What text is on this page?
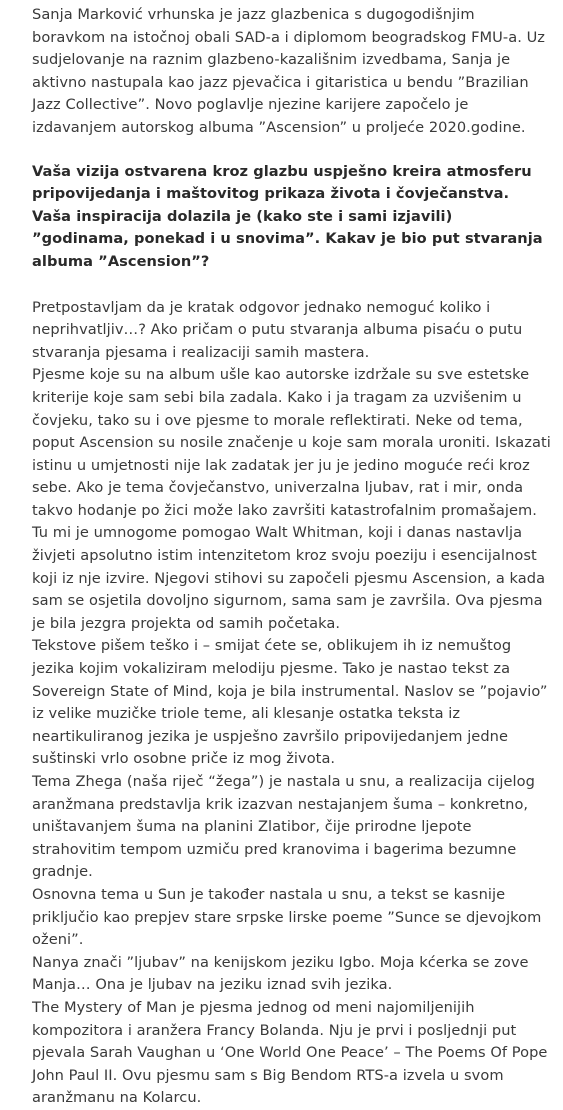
Sanja Marković vrhunska je jazz glazbenica s dugogodišnjim boravkom na istočnoj obali SAD-a i diplomom beogradskog FMU-a. Uz sudjelovanje na raznim glazbeno-kazališnim izvedbama, Sanja je aktivno nastupala kao jazz pjevačica i gitaristica u bendu ”Brazilian Jazz Collective”. Novo poglavlje njezine karijere započelo je izdavanjem autorskog albuma ”Ascension” u proljeće 2020.godine.

Vaša vizija ostvarena kroz glazbu uspješno kreira atmosferu pripovijedanja i maštovitog prikaza života i čovječanstva. Vaša inspiracija dolazila je (kako ste i sami izjavili) ”godinama, ponekad i u snovima”. Kakav je bio put stvaranja albuma ”Ascension”?

Pretpostavljam da je kratak odgovor jednako nemoguć koliko i neprihvatljiv…? Ako pričam o putu stvaranja albuma pisaću o putu stvaranja pjesama i realizaciji samih mastera.

Pjesme koje su na album ušle kao autorske izdržale su sve estetske kriterije koje sam sebi bila zadala. Kako i ja tragam za uzvišenim u čovjeku, tako su i ove pjesme to morale reflektirati. Neke od tema, poput Ascension su nosile značenje u koje sam morala uroniti. Iskazati istinu u umjetnosti nije lak zadatak jer ju je jedino moguće reći kroz sebe. Ako je tema čovječanstvo, univerzalna ljubav, rat i mir, onda takvo hodanje po žici može lako završiti katastrofalnim promašajem. Tu mi je umnogome pomogao Walt Whitman, koji i danas nastavlja živjeti apsolutno istim intenzitetom kroz svoju poeziju i esencijalnost koji iz nje izvire. Njegovi stihovi su započeli pjesmu Ascension, a kada sam se osjetila dovoljno sigurnom, sama sam je završila. Ova pjesma je bila jezgra projekta od samih početaka.

Tekstove pišem teško i – smijat ćete se, oblikujem ih iz nemuštog jezika kojim vokaliziram melodiju pjesme. Tako je nastao tekst za Sovereign State of Mind, koja je bila instrumental. Naslov se ”pojavio” iz velike muzičke triole teme, ali klesanje ostatka teksta iz neartikuliranog jezika je uspješno završilo pripovijedanjem jedne suštinski vrlo osobne priče iz mog života.

Tema Zhega (naša riječ “žega”) je nastala u snu, a realizacija cijelog aranžmana predstavlja krik izazvan nestajanjem šuma – konkretno, uništavanjem šuma na planini Zlatibor, čije prirodne ljepote strahovitim tempom uzmiču pred kranovima i bagerima bezumne gradnje.

Osnovna tema u Sun je također nastala u snu, a tekst se kasnije priključio kao prepjev stare srpske lirske poeme ”Sunce se djevojkom oženi”.

Nanya znači ”ljubav” na kenijskom jeziku Igbo. Moja kćerka se zove Manja… Ona je ljubav na jeziku iznad svih jezika.

The Mystery of Man je pjesma jednog od meni najomiljenijih kompozitora i aranžera Francy Bolanda. Nju je prvi i posljednji put pjevala Sarah Vaughan u ‘One World One Peace’ – The Poems Of Pope John Paul II. Ovu pjesmu sam s Big Bendom RTS-a izvela u svom aranžmanu na Kolarcu.
